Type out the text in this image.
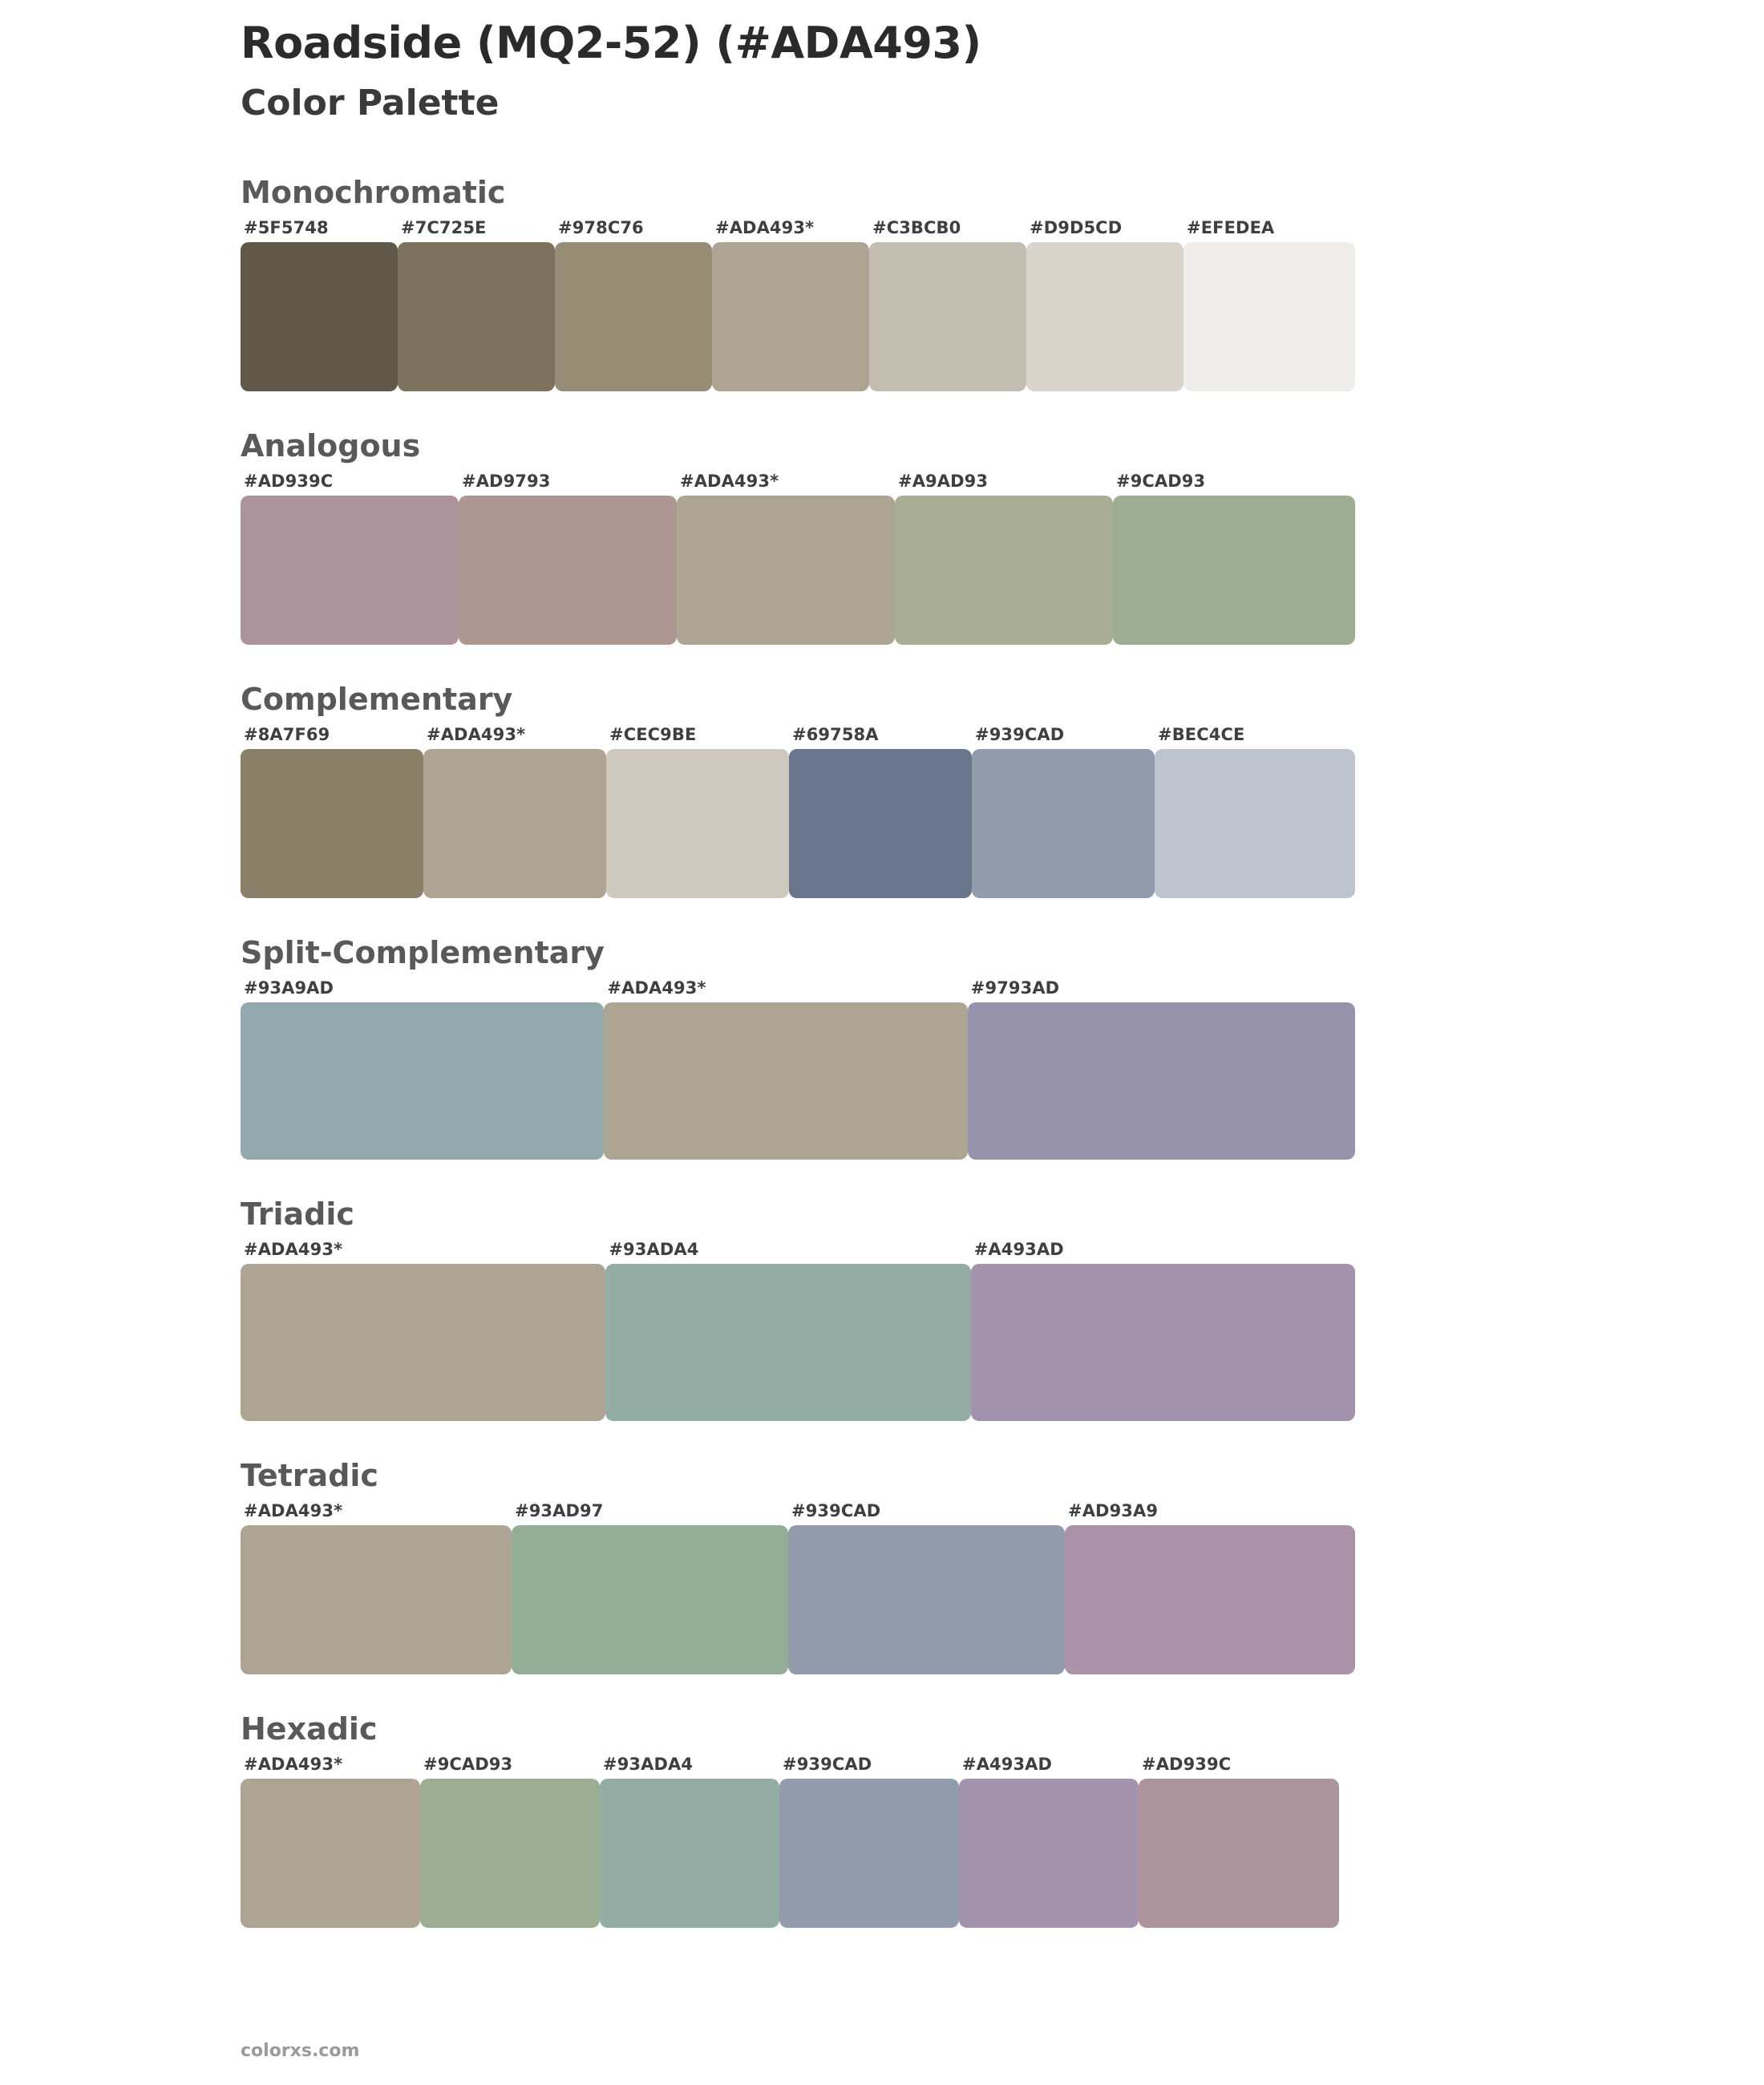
Roadside (MQ2-52) (#ADA493)
Color Palette
Monochromatic
#5F5748	#7C725E	#978C76	#ADA493*	#C3BCB0	#D9D5CD	#EFEDEA
Analogous
#AD939C	#AD9793	#ADA493*	#A9AD93	#9CAD93
Complementary
#8A7F69	#ADA493*	#CEC9BE	#69758A	#939CAD	#BEC4CE
Split-Complementary
#93A9AD	#ADA493*	#9793AD
Triadic
#ADA493*	#93ADA4	#A493AD
Tetradic
#ADA493*	#93AD97	#939CAD	#AD93A9
Hexadic
#ADA493*	#9CAD93	#93ADA4	#939CAD	#A493AD	#AD939C
colorxs.com
